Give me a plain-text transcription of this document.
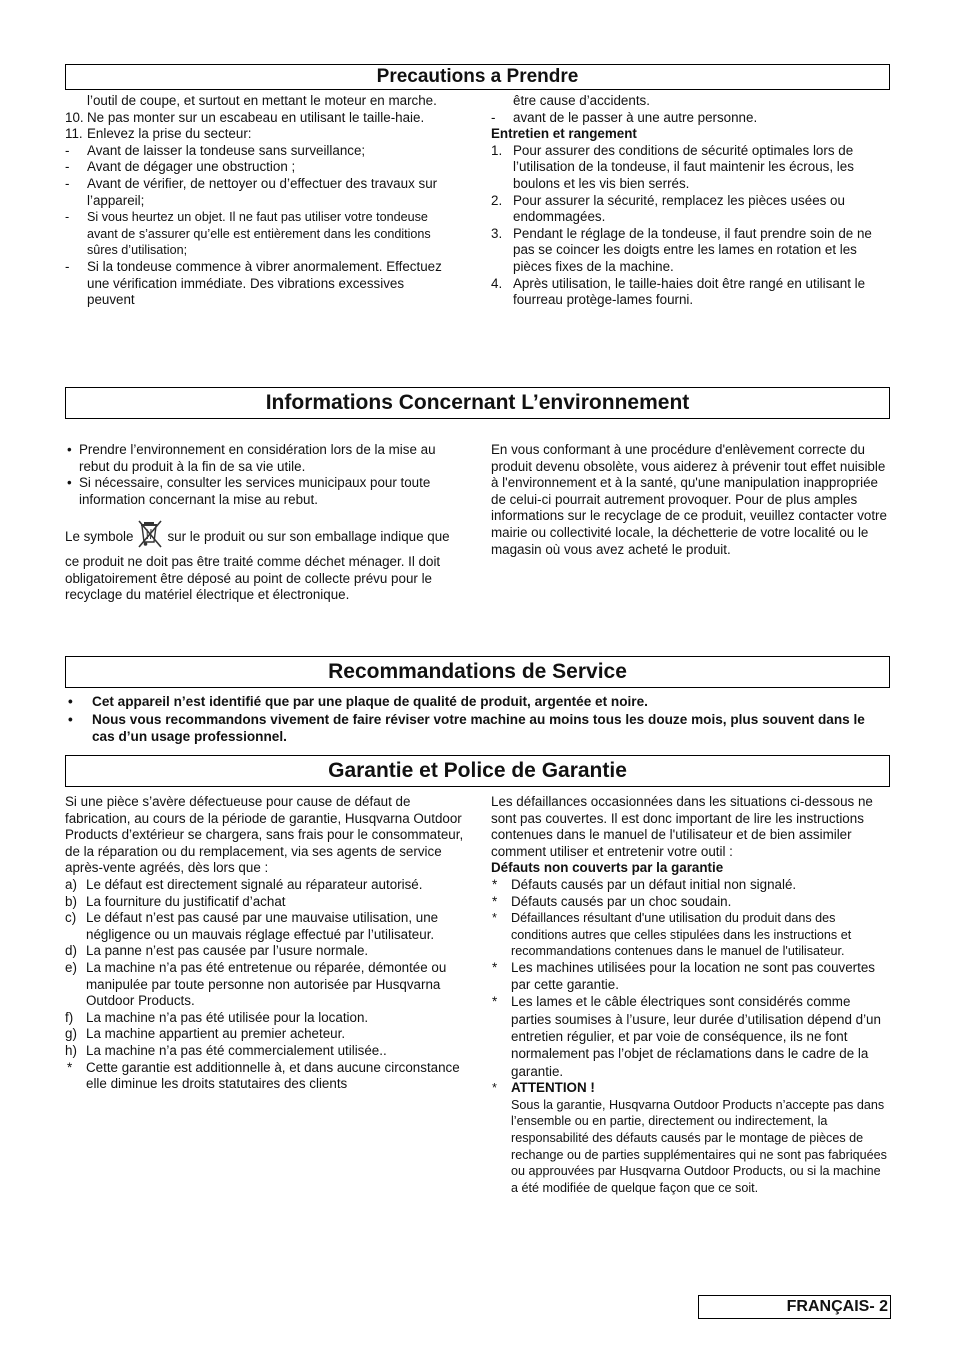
Precautions a Prendre
l’outil de coupe, et surtout en mettant le moteur en marche.
10. Ne pas monter sur un escabeau en utilisant le taille-haie.
11. Enlevez la prise du secteur:
- Avant de laisser la tondeuse sans surveillance;
- Avant de dégager une obstruction ;
- Avant de vérifier, de nettoyer ou d’effectuer des travaux sur l’appareil;
- Si vous heurtez un objet. Il ne faut pas utiliser votre tondeuse avant de s’assurer qu’elle est entièrement dans les conditions sûres d’utilisation;
- Si la tondeuse commence à vibrer anormalement. Effectuez une vérification immédiate. Des vibrations excessives peuvent
être cause d’accidents.
- avant de le passer à une autre personne.
Entretien et rangement
1. Pour assurer des conditions de sécurité optimales lors de l’utilisation de la tondeuse, il faut maintenir les écrous, les boulons et les vis bien serrés.
2. Pour assurer la sécurité, remplacez les pièces usées ou endommagées.
3. Pendant le réglage de la tondeuse, il faut prendre soin de ne pas se coincer les doigts entre les lames en rotation et les pièces fixes de la machine.
4. Après utilisation, le taille-haies doit être rangé en utilisant le fourreau protège-lames fourni.
Informations Concernant L’environnement
• Prendre l’environnement en considération lors de la mise au rebut du produit à la fin de sa vie utile.
• Si nécessaire, consulter les services municipaux pour toute information concernant la mise au rebut.

Le symbole	sur le produit ou sur son emballage indique que ce produit ne doit pas être traité comme déchet ménager. Il doit obligatoirement être déposé au point de collecte prévu pour le recyclage du matériel électrique et électronique.

En vous conformant à une procédure d'enlèvement correcte du produit devenu obsolète, vous aiderez à prévenir tout effet nuisible à l'environnement et à la santé, qu'une manipulation inappropriée de celui-ci pourrait autrement provoquer. Pour de plus amples informations sur le recyclage de ce produit, veuillez contacter votre mairie ou collectivité locale, la déchetterie de votre localité ou le magasin où vous avez acheté le produit.

Recommandations de Service
• Cet appareil n’est identifié que par une plaque de qualité de produit, argentée et noire.
• Nous vous recommandons vivement de faire réviser votre machine au moins tous les douze mois, plus souvent dans le cas d’un usage professionnel.
Garantie et Police de Garantie

Si une pièce s’avère défectueuse pour cause de défaut de fabrication, au cours de la période de garantie, Husqvarna Outdoor Products d’extérieur se chargera, sans frais pour le consommateur, de la réparation ou du remplacement, via ses agents de service après-vente agréés, dès lors que :

a) Le défaut est directement signalé au réparateur autorisé.
b) La fourniture du justificatif d’achat
c) Le défaut n’est pas causé par une mauvaise utilisation, une négligence ou un mauvais réglage effectué par l’utilisateur.
d) La panne n’est pas causée par l’usure normale.
e) La machine n’a pas été entretenue ou réparée, démontée ou manipulée par toute personne non autorisée par Husqvarna Outdoor Products.
f) La machine n’a pas été utilisée pour la location.
g) La machine appartient au premier acheteur.
h) La machine n’a pas été commercialement utilisée..
* Cette garantie est additionnelle à, et dans aucune circonstance elle diminue les droits statutaires des clients

Les défaillances occasionnées dans les situations ci-dessous ne sont pas couvertes. Il est donc important de lire les instructions contenues dans le manuel de l'utilisateur et de bien assimiler comment utiliser et entretenir votre outil :

Défauts non couverts par la garantie
* Défauts causés par un défaut initial non signalé.
* Défauts causés par un choc soudain.
* Défaillances résultant d'une utilisation du produit dans des conditions autres que celles stipulées dans les instructions et recommandations contenues dans le manuel de l'utilisateur.
* Les machines utilisées pour la location ne sont pas couvertes par cette garantie.
* Les lames et le câble électriques sont considérés comme parties soumises à l’usure, leur durée d’utilisation dépend d’un entretien régulier, et par voie de conséquence, ils ne font normalement pas l’objet de réclamations dans le cadre de la garantie.
* ATTENTION !
Sous la garantie, Husqvarna Outdoor Products n’accepte pas dans l’ensemble ou en partie, directement ou indirectement, la responsabilité des défauts causés par le montage de pièces de rechange ou de parties supplémentaires qui ne sont pas fabriquées ou approuvées par Husqvarna Outdoor Products, ou si la machine a été modifiée de quelque façon que ce soit.
FRANÇAIS- 2
